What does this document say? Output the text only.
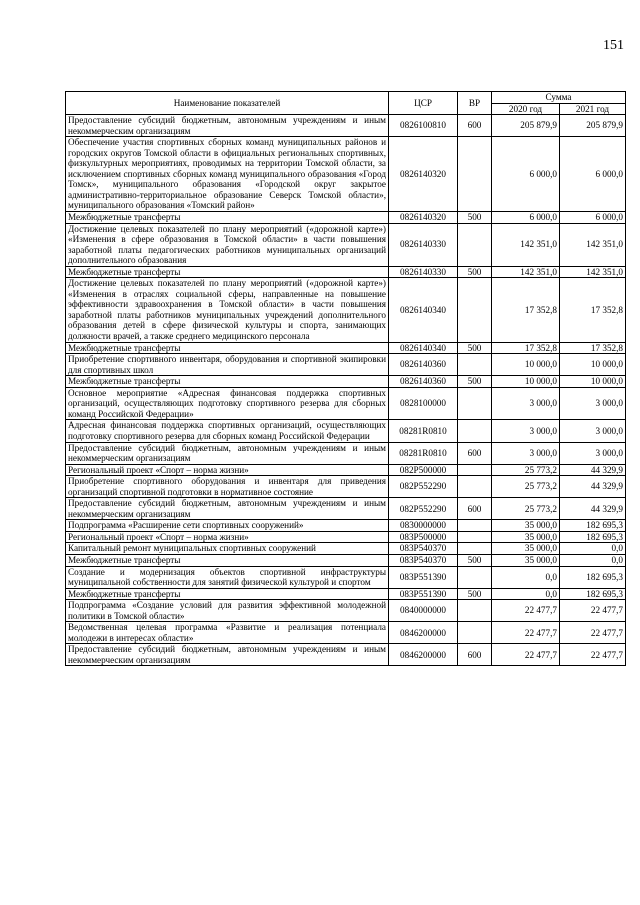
151
Наименование показателей	ЦСР	ВР	Сумма	
			2020 год	2021 год
Предоставление субсидий бюджетным, автономным учреждениям и иным некоммерческим организациям	0826100810	600	205 879,9	205 879,9
Обеспечение участия спортивных сборных команд муниципальных районов и городских округов Томской области в официальных региональных спортивных, физкультурных мероприятиях, проводимых на территории Томской области, за исключением спортивных сборных команд муниципального образования «Город Томск», муниципального образования «Городской округ закрытое административно-территориальное образование Северск Томской области», муниципального образования «Томский район»	0826140320		6 000,0	6 000,0
Межбюджетные трансферты	0826140320	500	6 000,0	6 000,0
Достижение целевых показателей по плану мероприятий («дорожной карте») «Изменения в сфере образования в Томской области» в части повышения заработной платы педагогических работников муниципальных организаций дополнительного образования	0826140330		142 351,0	142 351,0
Межбюджетные трансферты	0826140330	500	142 351,0	142 351,0
Достижение целевых показателей по плану мероприятий («дорожной карте») «Изменения в отраслях социальной сферы, направленные на повышение эффективности здравоохранения в Томской области» в части повышения заработной платы работников муниципальных учреждений дополнительного образования детей в сфере физической культуры и спорта, занимающих должности врачей, а также среднего медицинского персонала	0826140340		17 352,8	17 352,8
Межбюджетные трансферты	0826140340	500	17 352,8	17 352,8
Приобретение спортивного инвентаря, оборудования и спортивной экипировки для спортивных школ	0826140360		10 000,0	10 000,0
Межбюджетные трансферты	0826140360	500	10 000,0	10 000,0
Основное мероприятие «Адресная финансовая поддержка спортивных организаций, осуществляющих подготовку спортивного резерва для сборных команд Российской Федерации»	0828100000		3 000,0	3 000,0
Адресная финансовая поддержка спортивных организаций, осуществляющих подготовку спортивного резерва для сборных команд Российской Федерации	08281R0810		3 000,0	3 000,0
Предоставление субсидий бюджетным, автономным учреждениям и иным некоммерческим организациям	08281R0810	600	3 000,0	3 000,0
Региональный проект «Спорт – норма жизни»	082P500000		25 773,2	44 329,9
Приобретение спортивного оборудования и инвентаря для приведения организаций спортивной подготовки в нормативное состояние	082P552290		25 773,2	44 329,9
Предоставление субсидий бюджетным, автономным учреждениям и иным некоммерческим организациям	082P552290	600	25 773,2	44 329,9
Подпрограмма «Расширение сети спортивных сооружений»	0830000000		35 000,0	182 695,3
Региональный проект «Спорт – норма жизни»	083P500000		35 000,0	182 695,3
Капитальный ремонт муниципальных спортивных сооружений	083P540370		35 000,0	0,0
Межбюджетные трансферты	083P540370	500	35 000,0	0,0
Создание и модернизация объектов спортивной инфраструктуры муниципальной собственности для занятий физической культурой и спортом	083P551390		0,0	182 695,3
Межбюджетные трансферты	083P551390	500	0,0	182 695,3
Подпрограмма «Создание условий для развития эффективной молодежной политики в Томской области»	0840000000		22 477,7	22 477,7
Ведомственная целевая программа «Развитие и реализация потенциала молодежи в интересах области»	0846200000		22 477,7	22 477,7
Предоставление субсидий бюджетным, автономным учреждениям и иным некоммерческим организациям	0846200000	600	22 477,7	22 477,7
